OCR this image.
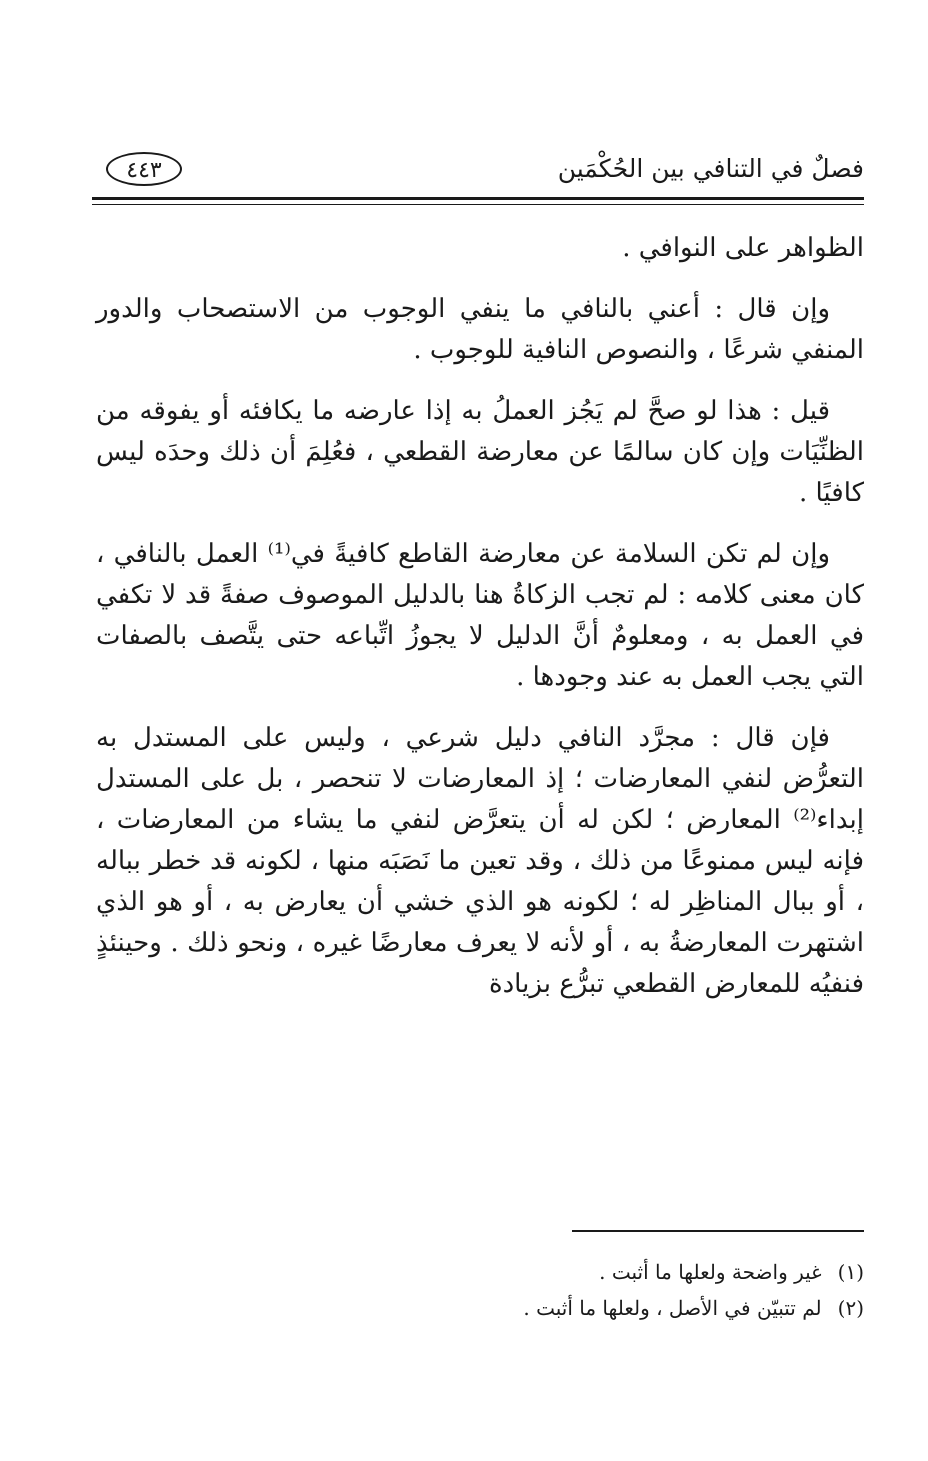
فصلٌ في التنافي بين الحُكْمَين
٤٤٣

الظواهر على النوافي .

وإن قال : أعني بالنافي ما ينفي الوجوب من الاستصحاب والدور المنفي شرعًا ، والنصوص النافية للوجوب .

قيل : هذا لو صحَّ لم يَجُز العملُ به إذا عارضه ما يكافئه أو يفوقه من الظنِّيَات وإن كان سالمًا عن معارضة القطعي ، فعُلِمَ أن ذلك وحدَه ليس كافيًا .

وإن لم تكن السلامة عن معارضة القاطع كافيةً في⁽¹⁾ العمل بالنافي ، كان معنى كلامه : لم تجب الزكاةُ هنا بالدليل الموصوف صفةً قد لا تكفي في العمل به ، ومعلومٌ أنَّ الدليل لا يجوزُ اتِّباعه حتى يتَّصف بالصفات التي يجب العمل به عند وجودها .

فإن قال : مجرَّد النافي دليل شرعي ، وليس على المستدل به التعرُّض لنفي المعارضات ؛ إذ المعارضات لا تنحصر ، بل على المستدل إبداء⁽²⁾ المعارض ؛ لكن له أن يتعرَّض لنفي ما يشاء من المعارضات ، فإنه ليس ممنوعًا من ذلك ، وقد تعين ما نَصَبَه منها ، لكونه قد خطر بباله ، أو ببال المناظِر له ؛ لكونه هو الذي خشي أن يعارض به ، أو هو الذي اشتهرت المعارضةُ به ، أو لأنه لا يعرف معارضًا غيره ، ونحو ذلك . وحينئذٍ فنفيُه للمعارض القطعي تبرُّع بزيادة

(١)غير واضحة ولعلها ما أثبت .
(٢)لم تتبيّن في الأصل ، ولعلها ما أثبت .
